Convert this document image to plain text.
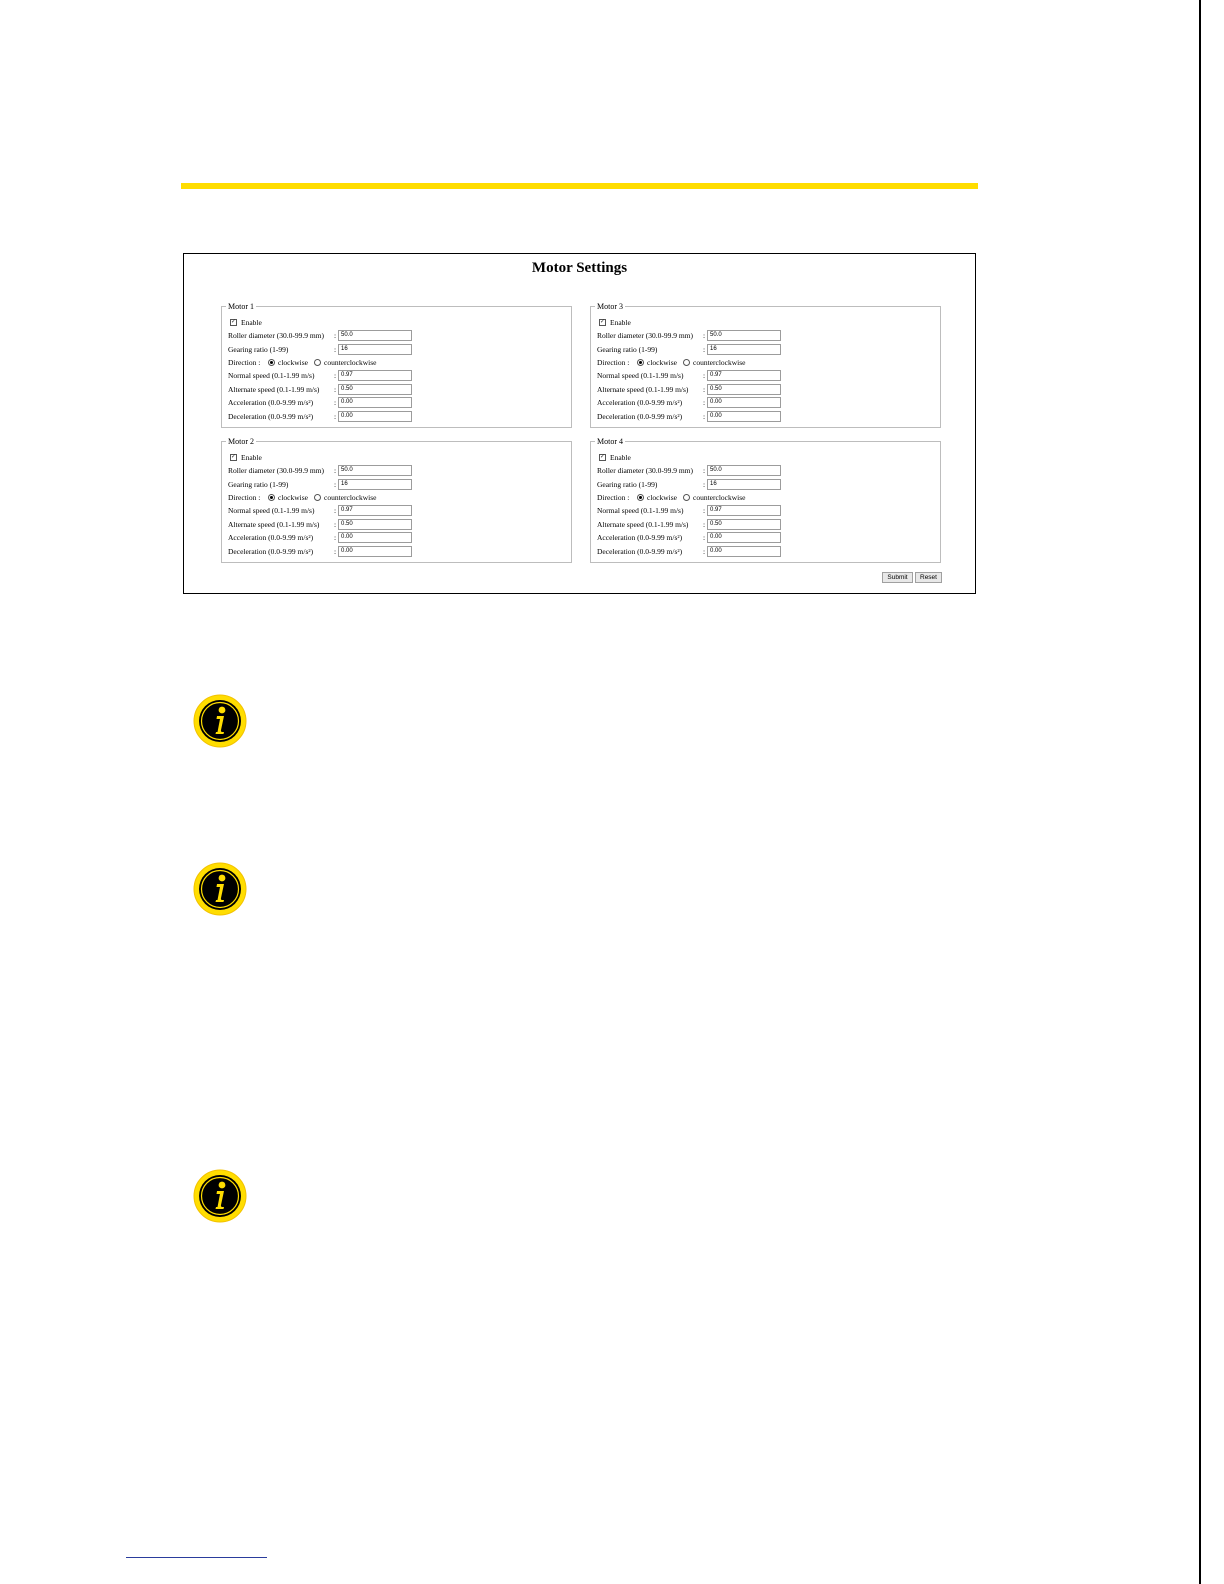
Motor Settings
Motor 1
✓ Enable
Roller diameter (30.0-99.9 mm) : 50.0
Gearing ratio (1-99)	: 16
Direction : clockwise counterclockwise
Normal speed (0.1-1.99 m/s)	: 0.97
Alternate speed (0.1-1.99 m/s) : 0.50
Acceleration (0.0-9.99 m/s²)	: 0.00
Deceleration (0.0-9.99 m/s²)	: 0.00
Motor 2
✓ Enable
Roller diameter (30.0-99.9 mm) : 50.0
Gearing ratio (1-99)	: 16
Direction : clockwise counterclockwise
Normal speed (0.1-1.99 m/s)	: 0.97
Alternate speed (0.1-1.99 m/s) : 0.50
Acceleration (0.0-9.99 m/s²)	: 0.00
Deceleration (0.0-9.99 m/s²)	: 0.00
Motor 3
✓ Enable
Roller diameter (30.0-99.9 mm) : 50.0
Gearing ratio (1-99)	: 16
Direction : clockwise counterclockwise
Normal speed (0.1-1.99 m/s)	: 0.97
Alternate speed (0.1-1.99 m/s) : 0.50
Acceleration (0.0-9.99 m/s²)	: 0.00
Deceleration (0.0-9.99 m/s²)	: 0.00
Motor 4
✓ Enable
Roller diameter (30.0-99.9 mm) : 50.0
Gearing ratio (1-99)	: 16
Direction : clockwise counterclockwise
Normal speed (0.1-1.99 m/s)	: 0.97
Alternate speed (0.1-1.99 m/s) : 0.50
Acceleration (0.0-9.99 m/s²)	: 0.00
Deceleration (0.0-9.99 m/s²)	: 0.00
Submit	Reset
